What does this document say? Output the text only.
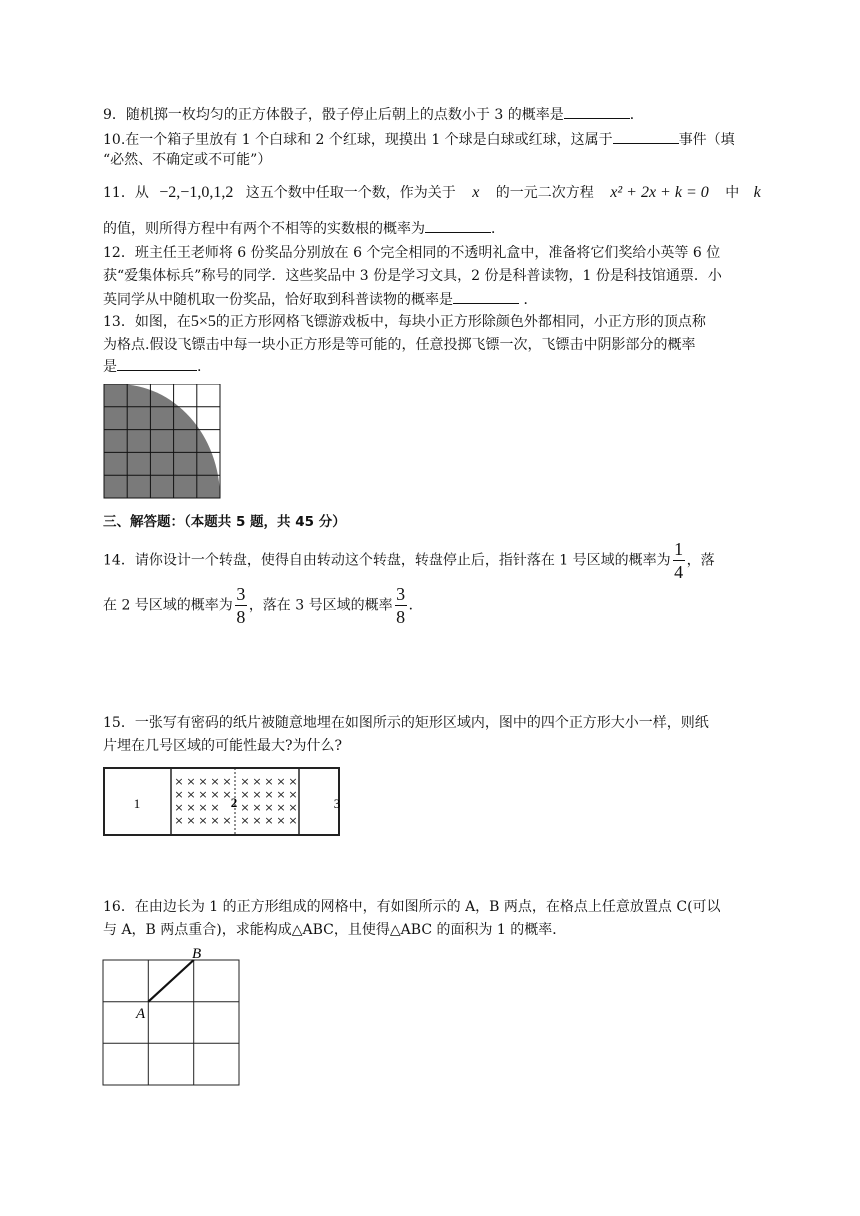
9．随机掷一枚均匀的正方体骰子，骰子停止后朝上的点数小于 3 的概率是	．
10.在一个箱子里放有 1 个白球和 2 个红球，现摸出 1 个球是白球或红球，这属于	事件（填
“必然、不确定或不可能”）
11．从 −2,−1,0,1,2 这五个数中任取一个数，作为关于 x 的一元二次方程 x² + 2x + k = 0 中 k
的值，则所得方程中有两个不相等的实数根的概率为	．
12．班主任王老师将 6 份奖品分别放在 6 个完全相同的不透明礼盒中，准备将它们奖给小英等 6 位
获“爱集体标兵”称号的同学．这些奖品中 3 份是学习文具，2 份是科普读物，1 份是科技馆通票．小
英同学从中随机取一份奖品，恰好取到科普读物的概率是	．
13．如图，在5×5的正方形网格飞镖游戏板中，每块小正方形除颜色外都相同，小正方形的顶点称
为格点.假设飞镖击中每一块小正方形是等可能的，任意投掷飞镖一次，飞镖击中阴影部分的概率
是	.
三、解答题：（本题共 5 题，共 45 分）
14．请你设计一个转盘，使得自由转动这个转盘，转盘停止后，指针落在 1 号区域的概率为 $\frac{1}{4}$ ，落
在 2 号区域的概率为 $\frac{3}{8}$ ，落在 3 号区域的概率 $\frac{3}{8}$ ．
15．一张写有密码的纸片被随意地埋在如图所示的矩形区域内，图中的四个正方形大小一样，则纸
片埋在几号区域的可能性最大?为什么?
1	3
×
×
×
×
×
×
×
×
×
×
×
×
×
×
×
×
×
×
×
×
×
×
×
×
×
×
×
×
×
×
×
×
×
×
×
×
×
×
×
2
16．在由边长为 1 的正方形组成的网格中，有如图所示的 A，B 两点，在格点上任意放置点 C(可以
与 A，B 两点重合)，求能构成△ABC，且使得△ABC 的面积为 1 的概率．
A
B
